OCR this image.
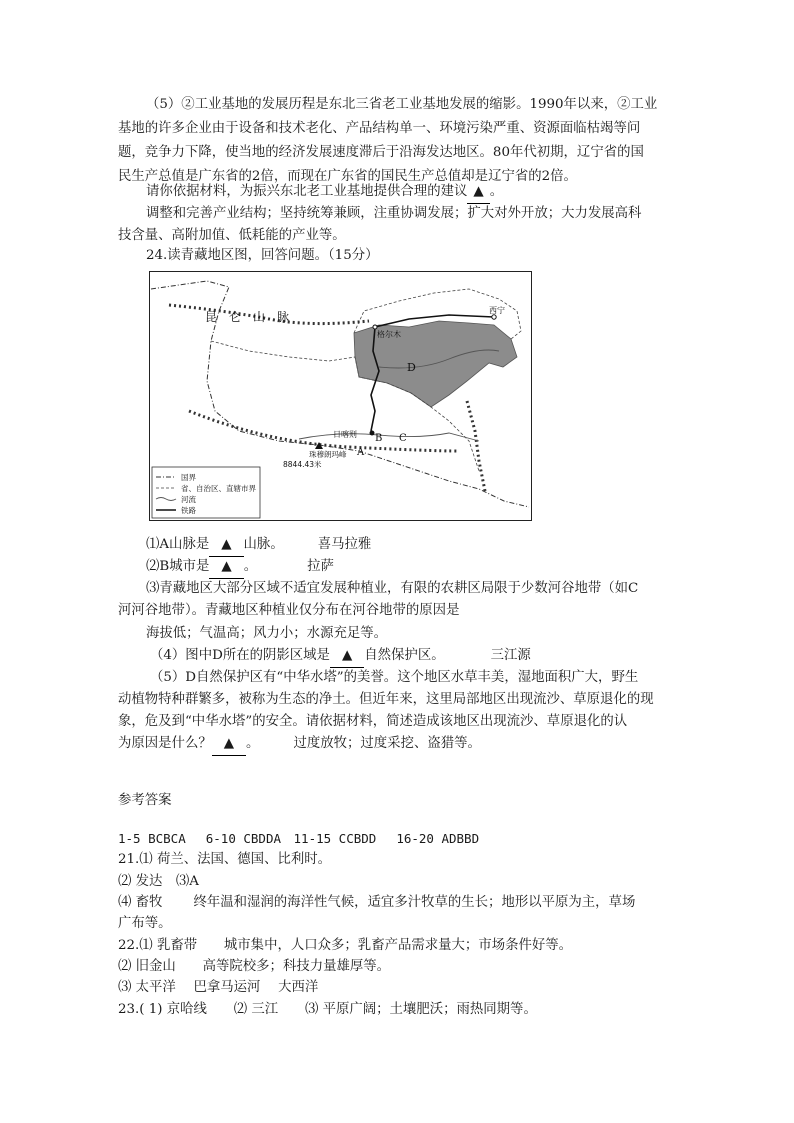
（5）②工业基地的发展历程是东北三省老工业基地发展的缩影。1990年以来，②工业
基地的许多企业由于设备和技术老化、产品结构单一、环境污染严重、资源面临枯竭等问
题，竞争力下降，使当地的经济发展速度滞后于沿海发达地区。80年代初期，辽宁省的国
民生产总值是广东省的2倍，而现在广东省的国民生产总值却是辽宁省的2倍。
请你依据材料，为振兴东北老工业基地提供合理的建议 ▲ 。
调整和完善产业结构；坚持统筹兼顾，注重协调发展；扩大对外开放；大力发展高科
技含量、高附加值、低耗能的产业等。
24.读青藏地区图，回答问题。（15分）
昆　仑　山　脉
格尔木
西宁
D
日喀则 B C
A
珠穆朗玛峰
8844.43米
国界
省、自治区、直辖市界
河流
铁路
⑴A山脉是 ▲ 山脉。	喜马拉雅
⑵B城市是 ▲ 。	拉萨
⑶青藏地区大部分区域不适宜发展种植业，有限的农耕区局限于少数河谷地带（如C
河河谷地带）。青藏地区种植业仅分布在河谷地带的原因是
海拔低；气温高；风力小；水源充足等。
（4）图中D所在的阴影区域是 ▲ 自然保护区。	三江源
（5）D自然保护区有“中华水塔”的美誉。这个地区水草丰美，湿地面积广大，野生
动植物特种群繁多，被称为生态的净土。但近年来，这里局部地区出现流沙、草原退化的现
象，危及到“中华水塔”的安全。请依据材料，简述造成该地区出现流沙、草原退化的认
为原因是什么？ ▲ 。	过度放牧；过度采挖、盗猎等。
参考答案
1-5 BCBCA　 6-10 CBDDA　11-15 CCBDD　 16-20 ADBBD
21.⑴ 荷兰、法国、德国、比利时。
⑵ 发达　⑶A
⑷ 畜牧　　 终年温和湿润的海洋性气候，适宜多汁牧草的生长；地形以平原为主，草场
广布等。
22.⑴ 乳畜带　　城市集中，人口众多；乳畜产品需求量大；市场条件好等。
⑵ 旧金山　　高等院校多；科技力量雄厚等。
⑶ 太平洋　 巴拿马运河　 大西洋
23.( 1) 京哈线　　⑵ 三江　　⑶ 平原广阔；土壤肥沃；雨热同期等。
